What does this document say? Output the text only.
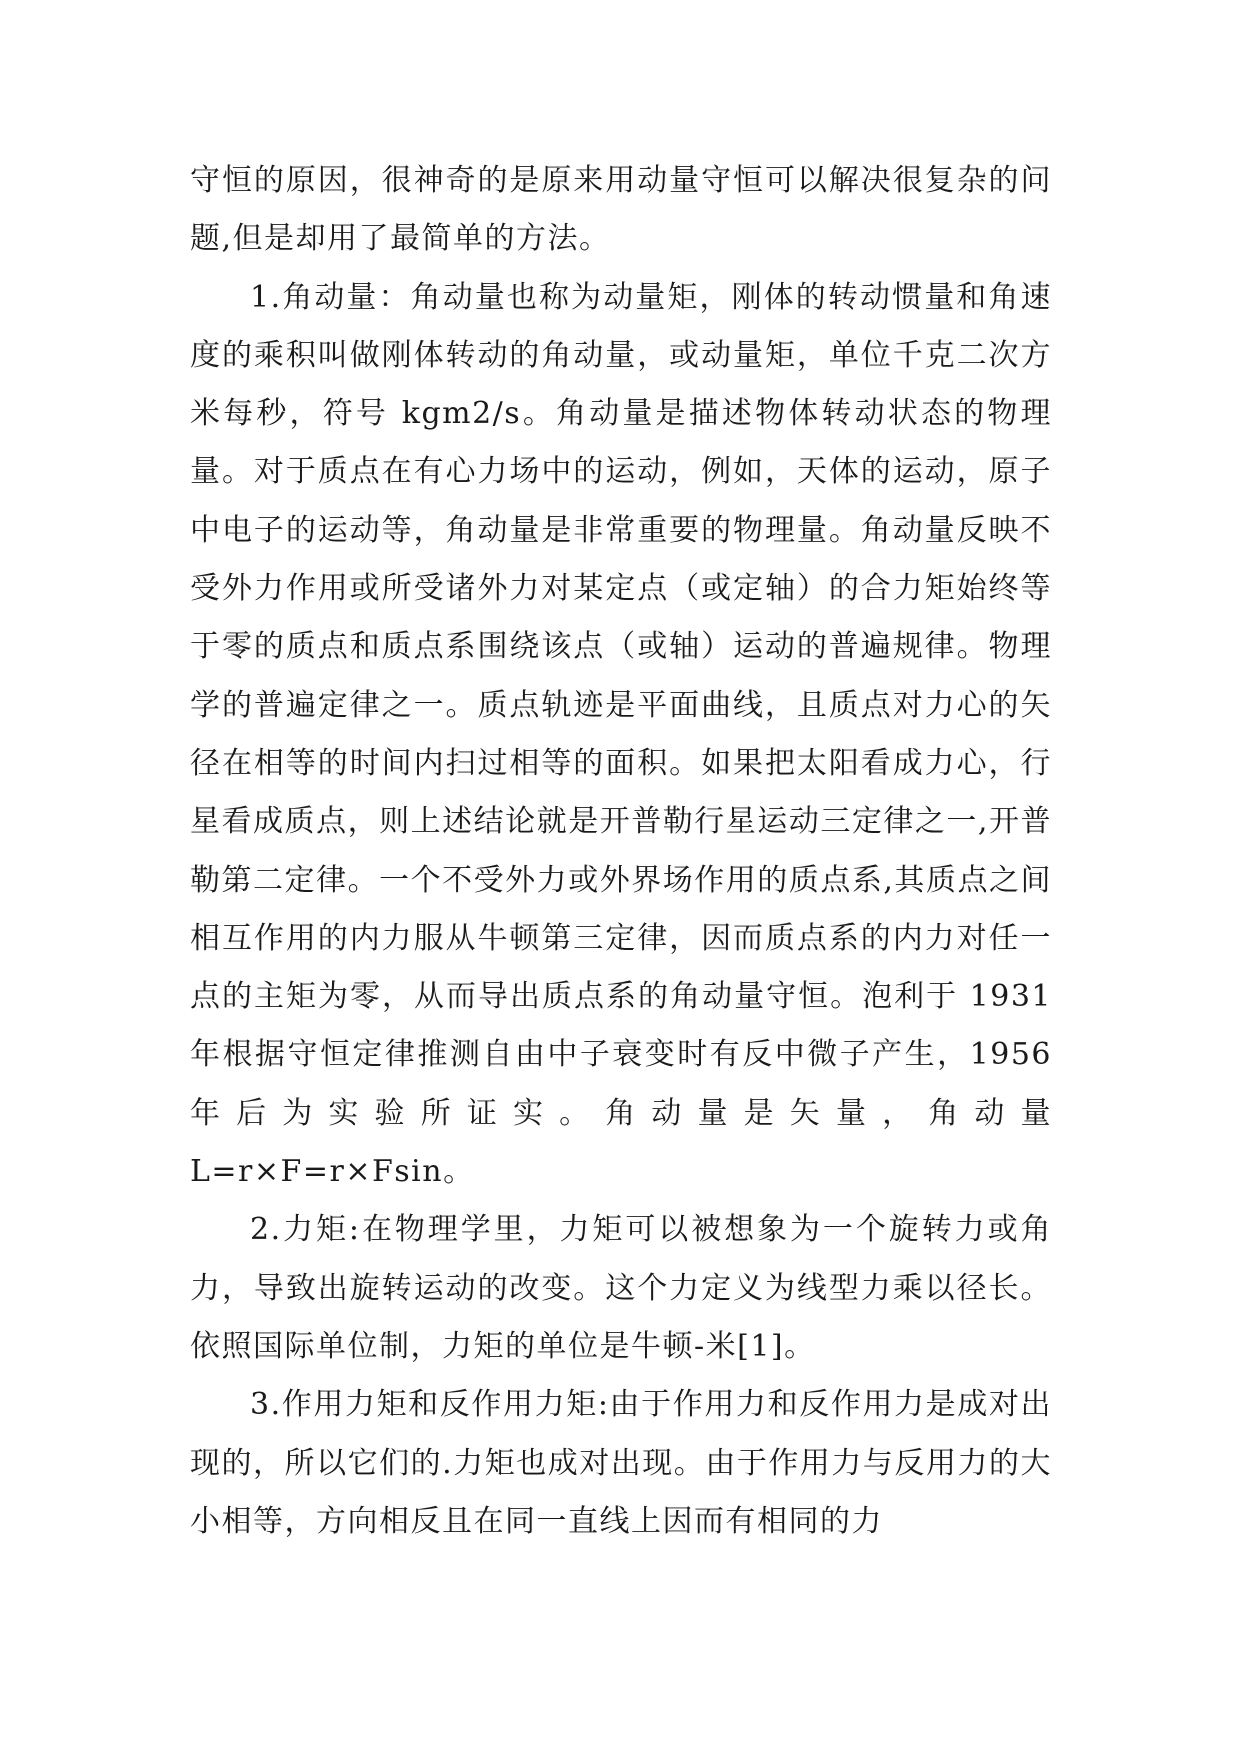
守恒的原因，很神奇的是原来用动量守恒可以解决很复杂的问题,但是却用了最简单的方法。

1.角动量：角动量也称为动量矩，刚体的转动惯量和角速度的乘积叫做刚体转动的角动量，或动量矩，单位千克二次方米每秒，符号 kgm2/s。角动量是描述物体转动状态的物理量。对于质点在有心力场中的运动，例如，天体的运动，原子中电子的运动等，角动量是非常重要的物理量。角动量反映不受外力作用或所受诸外力对某定点（或定轴）的合力矩始终等于零的质点和质点系围绕该点（或轴）运动的普遍规律。物理学的普遍定律之一。质点轨迹是平面曲线，且质点对力心的矢径在相等的时间内扫过相等的面积。如果把太阳看成力心，行星看成质点，则上述结论就是开普勒行星运动三定律之一,开普勒第二定律。一个不受外力或外界场作用的质点系,其质点之间相互作用的内力服从牛顿第三定律，因而质点系的内力对任一点的主矩为零，从而导出质点系的角动量守恒。泡利于 1931 年根据守恒定律推测自由中子衰变时有反中微子产生，1956 年后为实验所证实。角动量是矢量，角动量 L=r×F=r×Fsin。

2.力矩:在物理学里，力矩可以被想象为一个旋转力或角力，导致出旋转运动的改变。这个力定义为线型力乘以径长。依照国际单位制，力矩的单位是牛顿-米[1]。

3.作用力矩和反作用力矩:由于作用力和反作用力是成对出现的，所以它们的.力矩也成对出现。由于作用力与反用力的大小相等，方向相反且在同一直线上因而有相同的力
